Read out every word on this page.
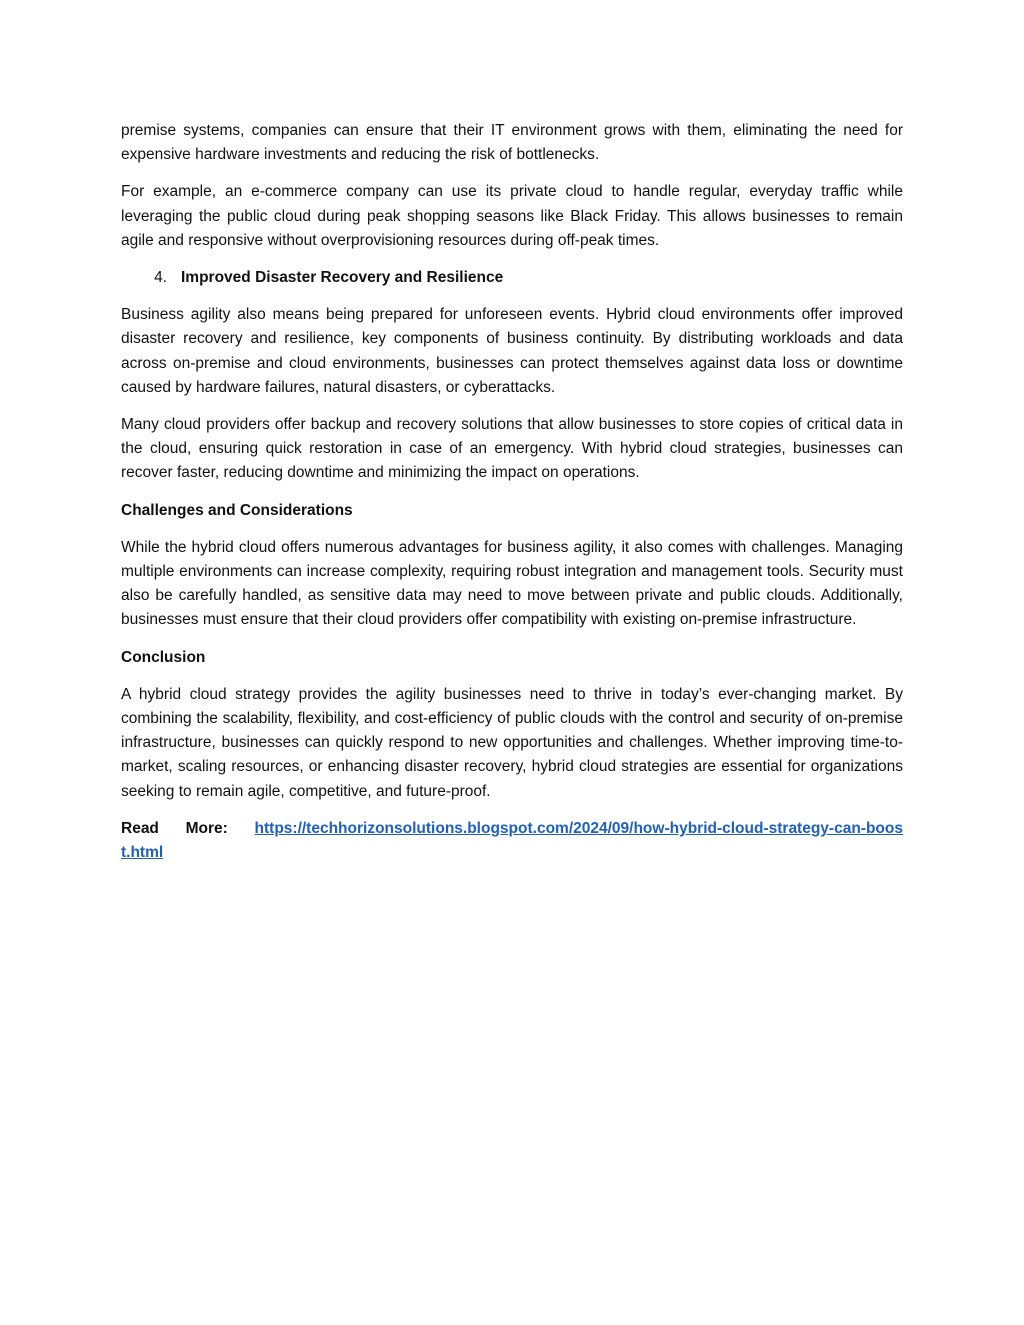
premise systems, companies can ensure that their IT environment grows with them, eliminating the need for expensive hardware investments and reducing the risk of bottlenecks.

For example, an e-commerce company can use its private cloud to handle regular, everyday traffic while leveraging the public cloud during peak shopping seasons like Black Friday. This allows businesses to remain agile and responsive without overprovisioning resources during off-peak times.

4. Improved Disaster Recovery and Resilience

Business agility also means being prepared for unforeseen events. Hybrid cloud environments offer improved disaster recovery and resilience, key components of business continuity. By distributing workloads and data across on-premise and cloud environments, businesses can protect themselves against data loss or downtime caused by hardware failures, natural disasters, or cyberattacks.

Many cloud providers offer backup and recovery solutions that allow businesses to store copies of critical data in the cloud, ensuring quick restoration in case of an emergency. With hybrid cloud strategies, businesses can recover faster, reducing downtime and minimizing the impact on operations.

Challenges and Considerations

While the hybrid cloud offers numerous advantages for business agility, it also comes with challenges. Managing multiple environments can increase complexity, requiring robust integration and management tools. Security must also be carefully handled, as sensitive data may need to move between private and public clouds. Additionally, businesses must ensure that their cloud providers offer compatibility with existing on-premise infrastructure.

Conclusion

A hybrid cloud strategy provides the agility businesses need to thrive in today’s ever-changing market. By combining the scalability, flexibility, and cost-efficiency of public clouds with the control and security of on-premise infrastructure, businesses can quickly respond to new opportunities and challenges. Whether improving time-to-market, scaling resources, or enhancing disaster recovery, hybrid cloud strategies are essential for organizations seeking to remain agile, competitive, and future-proof.

Read More: https://techhorizonsolutions.blogspot.com/2024/09/how-hybrid-cloud-strategy-can-boost.html
